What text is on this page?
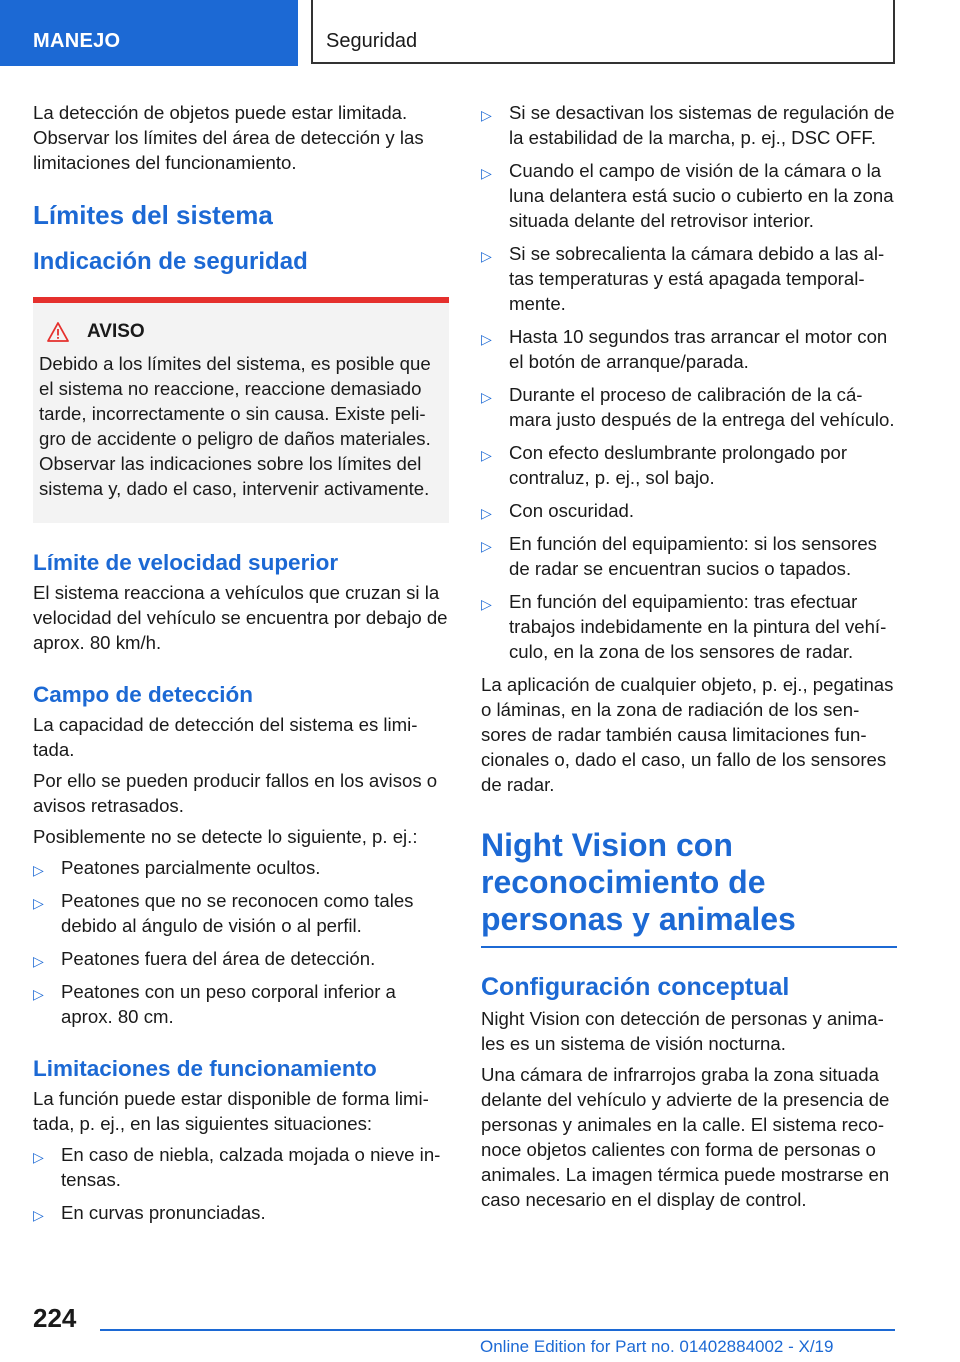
MANEJO	Seguridad

La detección de objetos puede estar limitada. Observar los límites del área de detección y las limitaciones del funcionamiento.

Límites del sistema
Indicación de seguridad
AVISO

Debido a los límites del sistema, es posible que el sistema no reaccione, reaccione demasiado tarde, incorrectamente o sin causa. Existe peligro de accidente o peligro de daños materiales. Observar las indicaciones sobre los límites del sistema y, dado el caso, intervenir activamente.

Límite de velocidad superior

El sistema reacciona a vehículos que cruzan si la velocidad del vehículo se encuentra por debajo de aprox. 80 km/h.

Campo de detección

La capacidad de detección del sistema es limitada.

Por ello se pueden producir fallos en los avisos o avisos retrasados.

Posiblemente no se detecte lo siguiente, p. ej.:

▷ Peatones parcialmente ocultos.
▷ Peatones que no se reconocen como tales debido al ángulo de visión o al perfil.
▷ Peatones fuera del área de detección.
▷ Peatones con un peso corporal inferior a aprox. 80 cm.
Limitaciones de funcionamiento

La función puede estar disponible de forma limitada, p. ej., en las siguientes situaciones:

▷ En caso de niebla, calzada mojada o nieve intensas.
▷ En curvas pronunciadas.
▷ Si se desactivan los sistemas de regulación de la estabilidad de la marcha, p. ej., DSC OFF.
▷ Cuando el campo de visión de la cámara o la luna delantera está sucio o cubierto en la zona situada delante del retrovisor interior.
▷ Si se sobrecalienta la cámara debido a las altas temperaturas y está apagada temporalmente.
▷ Hasta 10 segundos tras arrancar el motor con el botón de arranque/parada.
▷ Durante el proceso de calibración de la cámara justo después de la entrega del vehículo.
▷ Con efecto deslumbrante prolongado por contraluz, p. ej., sol bajo.
▷ Con oscuridad.
▷ En función del equipamiento: si los sensores de radar se encuentran sucios o tapados.
▷ En función del equipamiento: tras efectuar trabajos indebidamente en la pintura del vehículo, en la zona de los sensores de radar.

La aplicación de cualquier objeto, p. ej., pegatinas o láminas, en la zona de radiación de los sensores de radar también causa limitaciones funcionales o, dado el caso, un fallo de los sensores de radar.

Night Vision con reconocimiento de personas y animales
Configuración conceptual

Night Vision con detección de personas y animales es un sistema de visión nocturna.

Una cámara de infrarrojos graba la zona situada delante del vehículo y advierte de la presencia de personas y animales en la calle. El sistema reconoce objetos calientes con forma de personas o animales. La imagen térmica puede mostrarse en caso necesario en el display de control.

224
Online Edition for Part no. 01402884002 - X/19
